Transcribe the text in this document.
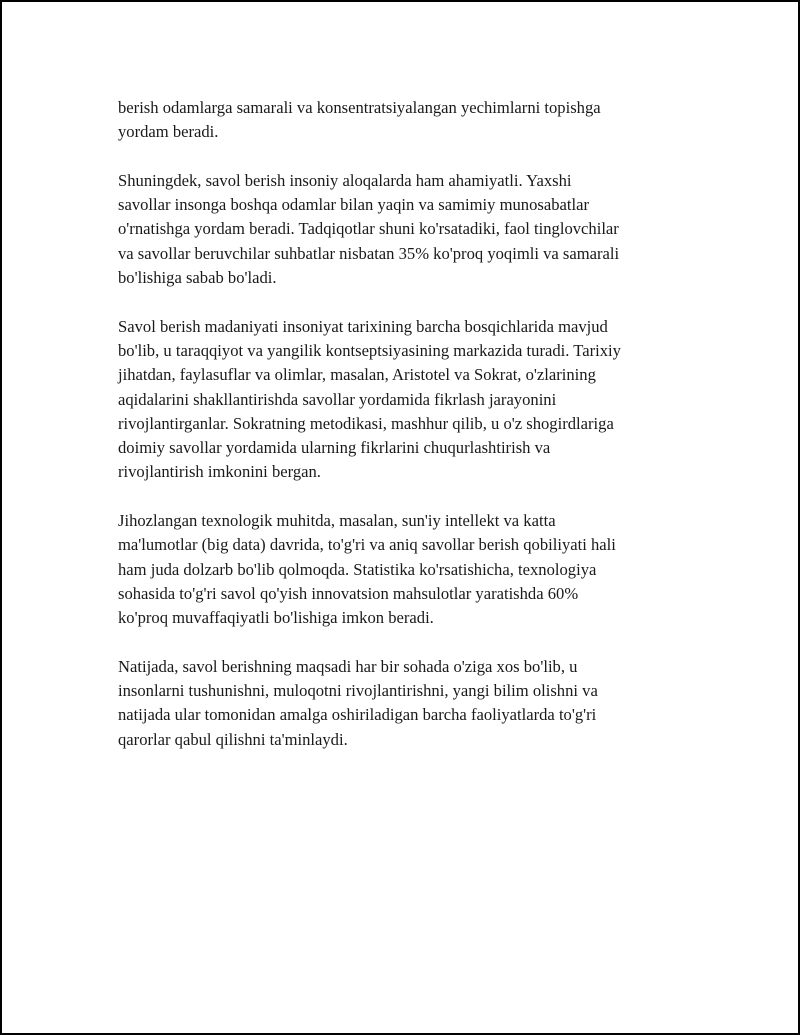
berish odamlarga samarali va konsentratsiyalangan yechimlarni topishga
yordam beradi.

Shuningdek, savol berish insoniy aloqalarda ham ahamiyatli. Yaxshi
savollar insonga boshqa odamlar bilan yaqin va samimiy munosabatlar
o'rnatishga yordam beradi. Tadqiqotlar shuni ko'rsatadiki, faol tinglovchilar
va savollar beruvchilar suhbatlar nisbatan 35% ko'proq yoqimli va samarali
bo'lishiga sabab bo'ladi.

Savol berish madaniyati insoniyat tarixining barcha bosqichlarida mavjud
bo'lib, u taraqqiyot va yangilik kontseptsiyasining markazida turadi. Tarixiy
jihatdan, faylasuflar va olimlar, masalan, Aristotel va Sokrat, o'zlarining
aqidalarini shakllantirishda savollar yordamida fikrlash jarayonini
rivojlantirganlar. Sokratning metodikasi, mashhur qilib, u o'z shogirdlariga
doimiy savollar yordamida ularning fikrlarini chuqurlashtirish va
rivojlantirish imkonini bergan.

Jihozlangan texnologik muhitda, masalan, sun'iy intellekt va katta
ma'lumotlar (big data) davrida, to'g'ri va aniq savollar berish qobiliyati hali
ham juda dolzarb bo'lib qolmoqda. Statistika ko'rsatishicha, texnologiya
sohasida to'g'ri savol qo'yish innovatsion mahsulotlar yaratishda 60%
ko'proq muvaffaqiyatli bo'lishiga imkon beradi.

Natijada, savol berishning maqsadi har bir sohada o'ziga xos bo'lib, u
insonlarni tushunishni, muloqotni rivojlantirishni, yangi bilim olishni va
natijada ular tomonidan amalga oshiriladigan barcha faoliyatlarda to'g'ri
qarorlar qabul qilishni ta'minlaydi.
